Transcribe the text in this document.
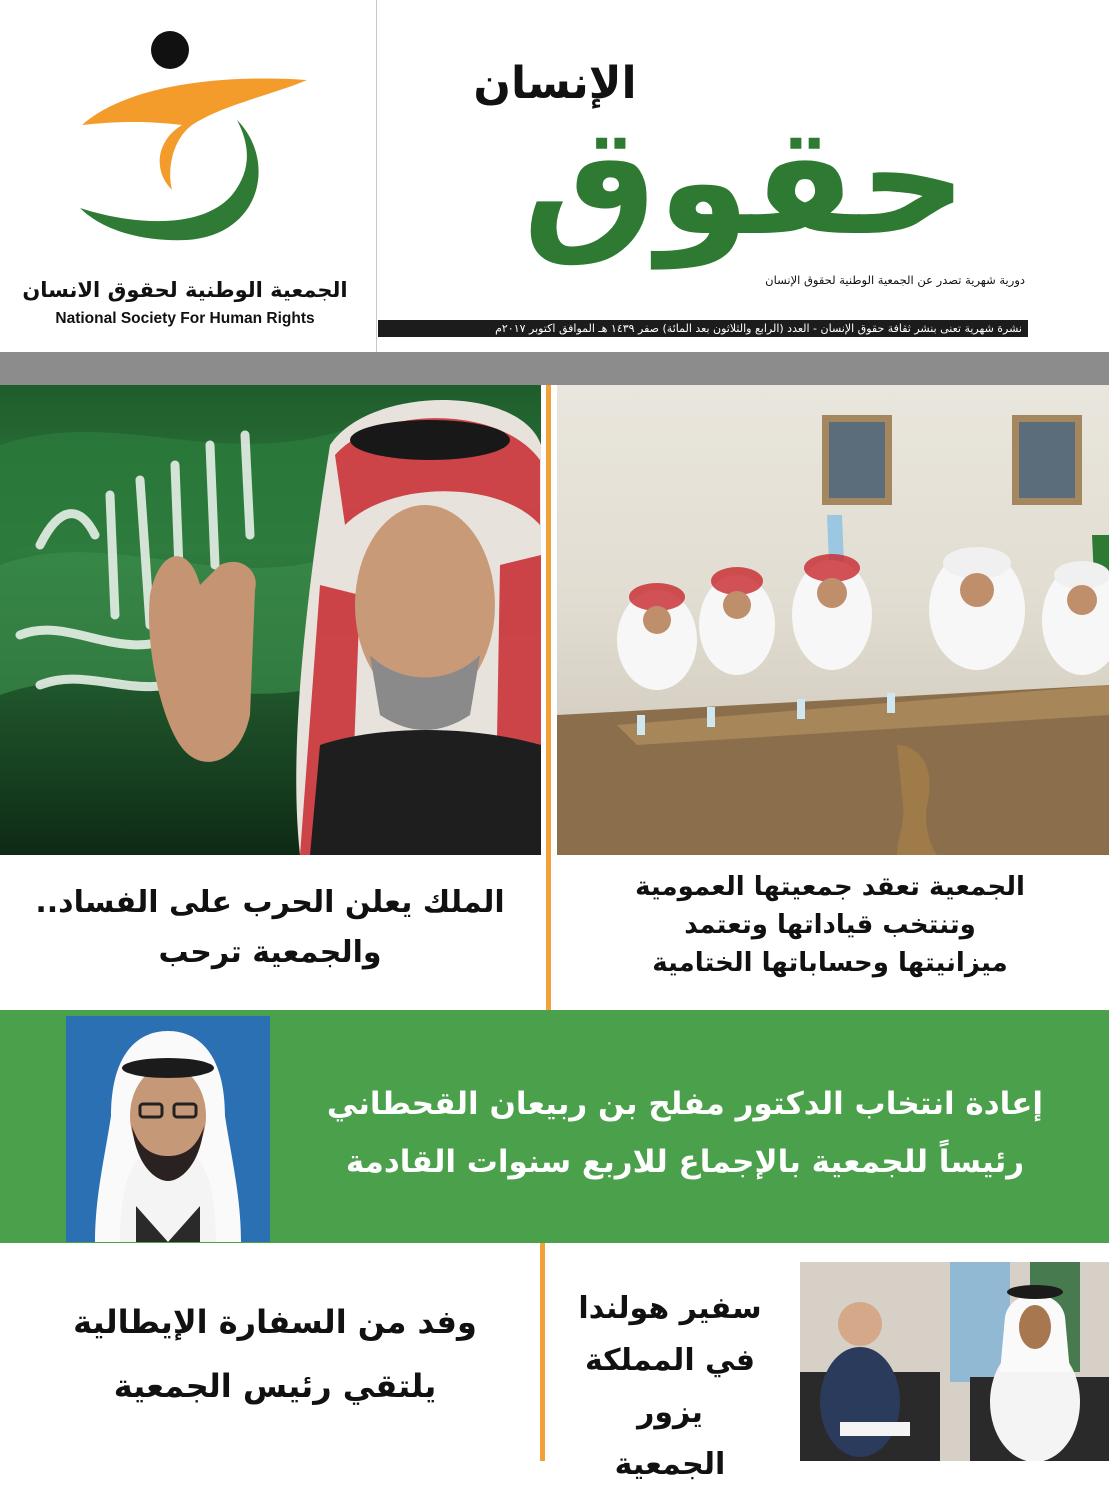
الجمعية الوطنية لحقوق الانسان
National Society For Human Rights
الإنسان
حقوق
دورية شهرية تصدر عن الجمعية الوطنية لحقوق الإنسان
نشرة شهرية تعنى بنشر ثقافة حقوق الإنسان - العدد (الرابع والثلاثون بعد المائة) صفر ١٤٣٩ هـ الموافق اكتوبر ٢٠١٧م
الملك يعلن الحرب على الفساد..
والجمعية ترحب
الجمعية تعقد جمعيتها العمومية
وتنتخب قياداتها وتعتمد
ميزانيتها وحساباتها الختامية
إعادة انتخاب الدكتور مفلح بن ربيعان القحطاني
رئيساً للجمعية بالإجماع للاربع سنوات القادمة
وفد من السفارة الإيطالية
يلتقي رئيس الجمعية
سفير هولندا
في المملكة يزور
الجمعية
